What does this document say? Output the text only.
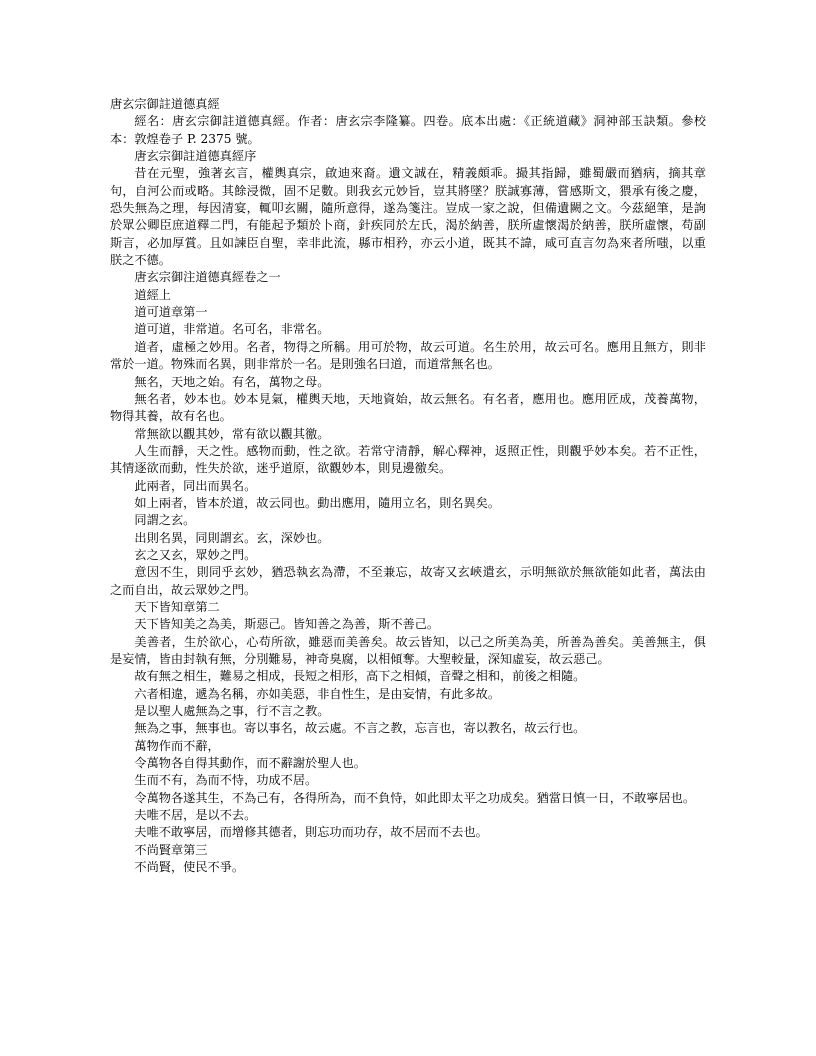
唐玄宗御註道德真經

經名：唐玄宗御註道德真經。作者：唐玄宗李隆纂。四卷。底本出處：《正統道藏》洞神部玉訣類。參校本：敦煌卷子 P. 2375 號。

唐玄宗御註道德真經序

昔在元聖，強著玄言，權輿真宗，啟迪來裔。遺文誠在，精義頗乖。撮其指歸，雖蜀嚴而猶病，摘其章句，自河公而或略。其餘浸微，固不足數。則我玄元妙旨，豈其將墜？朕誠寡薄，嘗感斯文，猥承有後之慶，恐失無為之理，每因清宴，輒叩玄關，隨所意得，遂為箋注。豈成一家之說，但備遺闕之文。今茲絕筆，是詢於眾公卿臣庶道釋二門，有能起予類於卜商，針疾同於左氏，渴於納善，朕所虛懷渴於納善，朕所虛懷，苟副斯言，必加厚賞。且如諫臣自聖，幸非此流，縣市相矜，亦云小道，既其不諱，咸可直言勿為來者所嗤，以重朕之不德。

唐玄宗御注道德真經卷之一

道經上

道可道章第一

道可道，非常道。名可名，非常名。

道者，虛極之妙用。名者，物得之所稱。用可於物，故云可道。名生於用，故云可名。應用且無方，則非常於一道。物殊而名異，則非常於一名。是則強名曰道，而道常無名也。

無名，天地之始。有名，萬物之母。

無名者，妙本也。妙本見氣，權輿天地，天地資始，故云無名。有名者，應用也。應用匠成，茂養萬物，物得其養，故有名也。

常無欲以觀其妙，常有欲以觀其徼。

人生而靜，天之性。感物而動，性之欲。若常守清靜，解心釋神，返照正性，則觀乎妙本矣。若不正性，其情逐欲而動，性失於欲，迷乎道原，欲觀妙本，則見邊徼矣。

此兩者，同出而異名。

如上兩者，皆本於道，故云同也。動出應用，隨用立名，則名異矣。

同謂之玄。

出則名異，同則謂玄。玄，深妙也。

玄之又玄，眾妙之門。

意因不生，則同乎玄妙，猶恐執玄為滯，不至兼忘，故寄又玄峽遣玄，示明無欲於無欲能如此者，萬法由之而自出，故云眾妙之門。

天下皆知章第二

天下皆知美之為美，斯惡己。皆知善之為善，斯不善己。

美善者，生於欲心，心苟所欲，雖惡而美善矣。故云皆知，以己之所美為美，所善為善矣。美善無主，俱是妄情，皆由封執有無，分別難易，神奇臭腐，以相傾奪。大聖較量，深知虛妄，故云惡己。

故有無之相生，難易之相成，長短之相形，高下之相傾，音聲之相和，前後之相隨。

六者相違，遞為名稱，亦如美惡，非自性生，是由妄情，有此多故。

是以聖人處無為之事，行不言之教。

無為之事，無事也。寄以事名，故云處。不言之教，忘言也，寄以教名，故云行也。

萬物作而不辭，

令萬物各自得其動作，而不辭謝於聖人也。

生而不有，為而不恃，功成不居。

令萬物各遂其生，不為己有，各得所為，而不負恃，如此即太平之功成矣。猶當日慎一日，不敢寧居也。

夫唯不居，是以不去。

夫唯不敢寧居，而增修其德者，則忘功而功存，故不居而不去也。

不尚賢章第三

不尚賢，使民不爭。
